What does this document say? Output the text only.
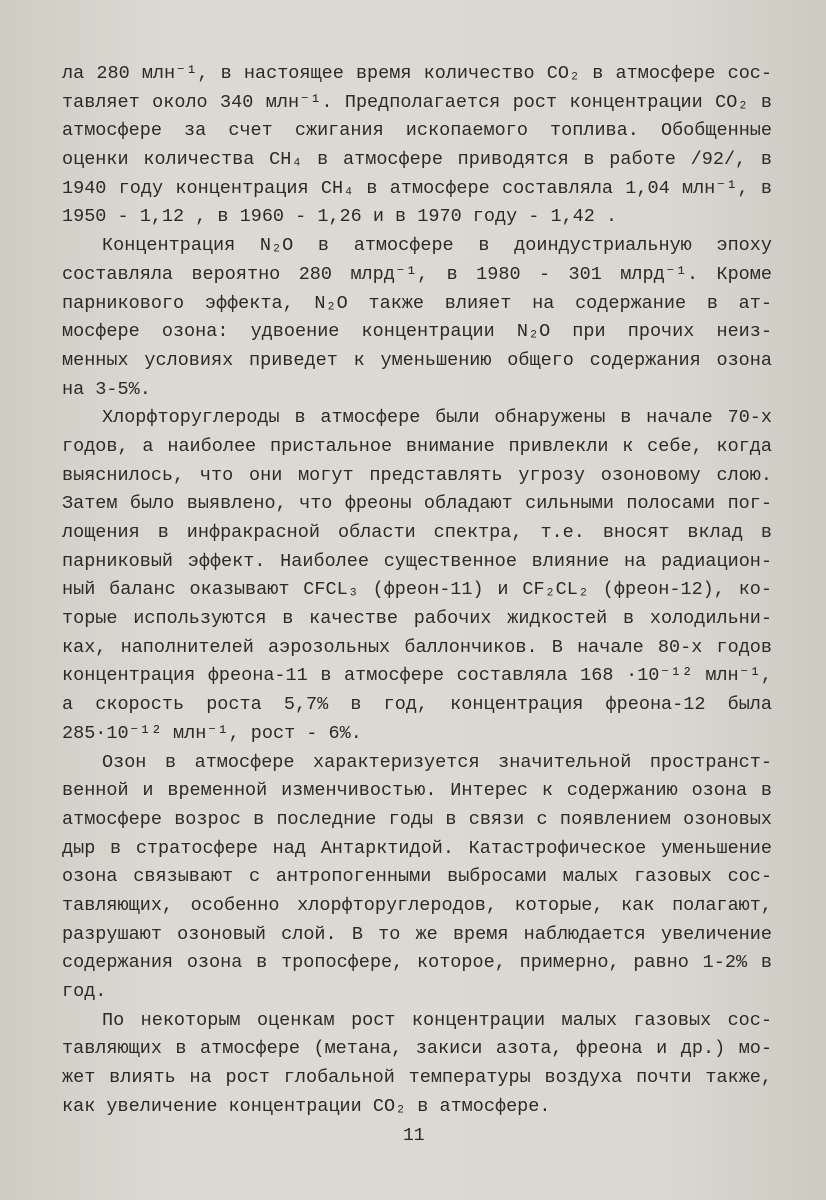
ла 280 млн⁻¹, в настоящее время количество CO₂ в атмосфере сос-
тавляет около 340 млн⁻¹. Предполагается рост концентрации CO₂ в
атмосфере за счет сжигания ископаемого топлива. Обобщенные
оценки количества CH₄ в атмосфере приводятся в работе /92/, в
1940 году концентрация CH₄ в атмосфере составляла 1,04 млн⁻¹, в
1950 - 1,12 , в 1960 - 1,26 и в 1970 году - 1,42 .
Концентрация N₂O в атмосфере в доиндустриальную эпоху
составляла вероятно 280 млрд⁻¹, в 1980 - 301 млрд⁻¹. Кроме
парникового эффекта, N₂O также влияет на содержание в ат-
мосфере озона: удвоение концентрации N₂O при прочих неиз-
менных условиях приведет к уменьшению общего содержания озона
на 3-5%.
Хлорфторуглероды в атмосфере были обнаружены в начале 70-х
годов, а наиболее пристальное внимание привлекли к себе, когда
выяснилось, что они могут представлять угрозу озоновому слою.
Затем было выявлено, что фреоны обладают сильными полосами пог-
лощения в инфракрасной области спектра, т.е. вносят вклад в
парниковый эффект. Наиболее существенное влияние на радиацион-
ный баланс оказывают CFCL₃ (фреон-11) и CF₂CL₂ (фреон-12), ко-
торые используются в качестве рабочих жидкостей в холодильни-
ках, наполнителей аэрозольных баллончиков. В начале 80-х годов
концентрация фреона-11 в атмосфере составляла 168 ·10⁻¹² млн⁻¹,
а скорость роста 5,7% в год, концентрация фреона-12 была
285·10⁻¹² млн⁻¹, рост - 6%.
Озон в атмосфере характеризуется значительной пространст-
венной и временной изменчивостью. Интерес к содержанию озона в
атмосфере возрос в последние годы в связи с появлением озоновых
дыр в стратосфере над Антарктидой. Катастрофическое уменьшение
озона связывают с антропогенными выбросами малых газовых сос-
тавляющих, особенно хлорфторуглеродов, которые, как полагают,
разрушают озоновый слой. В то же время наблюдается увеличение
содержания озона в тропосфере, которое, примерно, равно 1-2% в
год.
По некоторым оценкам рост концентрации малых газовых сос-
тавляющих в атмосфере (метана, закиси азота, фреона и др.) мо-
жет влиять на рост глобальной температуры воздуха почти также,
как увеличение концентрации CO₂ в атмосфере.
11
